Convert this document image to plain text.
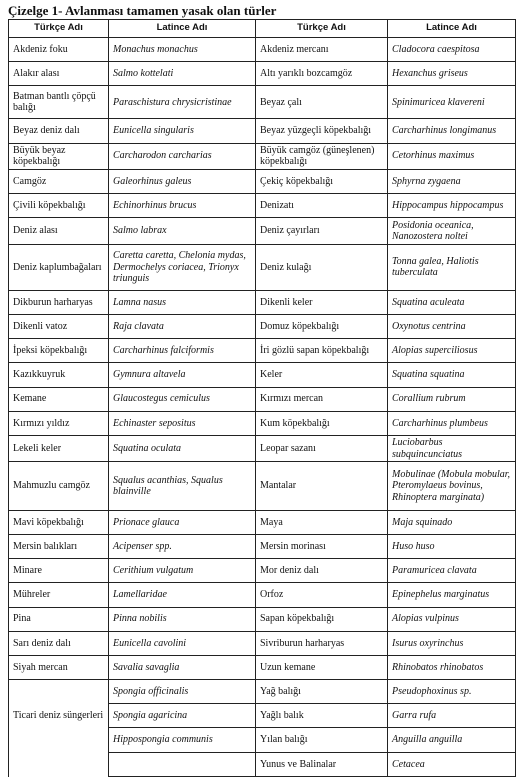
Çizelge 1- Avlanması tamamen yasak olan türler
Türkçe Adı	Latince Adı	Türkçe Adı	Latince Adı
Akdeniz foku	Monachus monachus	Akdeniz mercanı	Cladocora caespitosa
Alakır alası	Salmo kottelati	Altı yarıklı bozcamgöz	Hexanchus griseus
Batman bantlı çöpçü balığı	Paraschistura chrysicristinae	Beyaz çalı	Spinimuricea klavereni
Beyaz deniz dalı	Eunicella singularis	Beyaz yüzgeçli köpekbalığı	Carcharhinus longimanus
Büyük beyaz köpekbalığı	Carcharodon carcharias	Büyük camgöz (güneşlenen) köpekbalığı	Cetorhinus maximus
Camgöz	Galeorhinus galeus	Çekiç köpekbalığı	Sphyrna zygaena
Çivili köpekbalığı	Echinorhinus brucus	Denizatı	Hippocampus hippocampus
Deniz alası	Salmo labrax	Deniz çayırları	Posidonia oceanica, Nanozostera noltei
Deniz kaplumbağaları	Caretta caretta, Chelonia mydas, Dermochelys coriacea, Trionyx triunguis	Deniz kulağı	Tonna galea, Haliotis tuberculata
Dikburun harharyas	Lamna nasus	Dikenli keler	Squatina aculeata
Dikenli vatoz	Raja clavata	Domuz köpekbalığı	Oxynotus centrina
İpeksi köpekbalığı	Carcharhinus falciformis	İri gözlü sapan köpekbalığı	Alopias superciliosus
Kazıkkuyruk	Gymnura altavela	Keler	Squatina squatina
Kemane	Glaucostegus cemiculus	Kırmızı mercan	Corallium rubrum
Kırmızı yıldız	Echinaster sepositus	Kum köpekbalığı	Carcharhinus plumbeus
Lekeli keler	Squatina oculata	Leopar sazanı	Luciobarbus subquincunciatus
Mahmuzlu camgöz	Squalus acanthias, Squalus blainville	Mantalar	Mobulinae (Mobula mobular, Pteromylaeus bovinus, Rhinoptera marginata)
Mavi köpekbalığı	Prionace glauca	Maya	Maja squinado
Mersin balıkları	Acipenser spp.	Mersin morinası	Huso huso
Minare	Cerithium vulgatum	Mor deniz dalı	Paramuricea clavata
Mühreler	Lamellaridae	Orfoz	Epinephelus marginatus
Pina	Pinna nobilis	Sapan köpekbalığı	Alopias vulpinus
Sarı deniz dalı	Eunicella cavolini	Sivriburun harharyas	Isurus oxyrinchus
Siyah mercan	Savalia savaglia	Uzun kemane	Rhinobatos rhinobatos
Ticari deniz süngerleri	Spongia officinalis	Yağ balığı	Pseudophoxinus sp.
	Spongia agaricina	Yağlı balık	Garra rufa
	Hippospongia communis	Yılan balığı	Anguilla anguilla
		Yunus ve Balinalar	Cetacea
